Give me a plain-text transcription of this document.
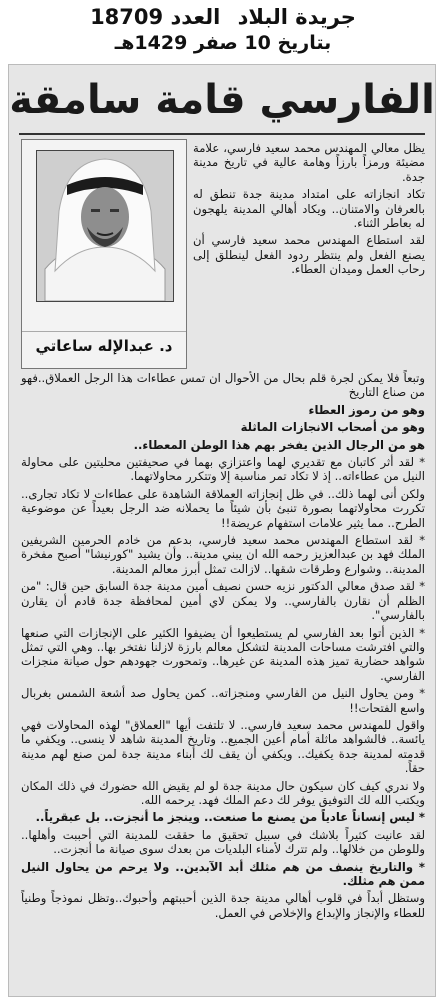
جريدة البلاد العدد 18709
بتاريخ 10 صفر 1429هـ
الفارسي قامة سامقة
د. عبدالإله ساعاتي

يظل معالي المهندس محمد سعيد فارسي، علامة مضيئة ورمزاً بارزاً وهامة عالية في تاريخ مدينة جدة.

تكاد انجازاته على امتداد مدينة جدة تنطق له بالعرفان والامتنان.. ويكاد أهالي المدينة يلهجون له بعاطر الثناء.

لقد استطاع المهندس محمد سعيد فارسي أن يصنع الفعل ولم ينتظر ردود الفعل لينطلق إلى رحاب العمل وميدان العطاء.

وتبعاً فلا يمكن لجرة قلم بحال من الأحوال ان تمس عطاءات هذا الرجل العملاق..فهو من صناع التاريخ

وهو من رموز العطاء

وهو من أصحاب الانجازات الماثلة

هو من الرجال الذين يفخر بهم هذا الوطن المعطاء..

* لقد أثر كاتبان مع تقديري لهما واعتزازي بهما في صحيفتين محليتين على محاولة النيل من عطاءاته.. إذ لا تكاد تمر مناسبة إلا وتتكرر محاولاتهما.

ولكن أنى لهما ذلك.. في ظل إنجازاته العملاقة الشاهدة على عطاءات لا تكاد تجارى.. تكررت محاولاتهما بصورة تنبئ بأن شيئاً ما يحملانه ضد الرجل بعيداً عن موضوعية الطرح.. مما يثير علامات استفهام عريضة!!

* لقد استطاع المهندس محمد سعيد فارسي، بدعم من خادم الحرمين الشريفين الملك فهد بن عبدالعزيز رحمه الله ان يبني مدينة.. وأن يشيد "كورنيشا" أصبح مفخرة المدينة.. وشوارع وطرقات شقها.. لازالت تمثل أبرز معالم المدينة.

* لقد صدق معالي الدكتور نزيه حسن نصيف أمين مدينة جدة السابق حين قال: "من الظلم أن نقارن بالفارسي.. ولا يمكن لاي أمين لمحافظة جدة قادم أن يقارن بالفارسي".

* الذين أتوا بعد الفارسي لم يستطيعوا أن يضيفوا الكثير على الإنجازات التي صنعها والتي افترشت مساحات المدينة لتشكل معالم بارزة لازلنا نفتخر بها.. وهي التي تمثل شواهد حضارية تميز هذه المدينة عن غيرها.. وتمحورت جهودهم حول صيانة منجزات الفارسي.

* ومن يحاول النيل من الفارسي ومنجزاته.. كمن يحاول صد أشعة الشمس بغربال واسع الفتحات!!

واقول للمهندس محمد سعيد فارسي.. لا تلتفت أيها "العملاق" لهذه المحاولات فهي يائسة.. فالشواهد ماثلة أمام أعين الجميع.. وتاريخ المدينة شاهد لا ينسى.. ويكفي ما قدمته لمدينة جدة يكفيك.. ويكفي أن يقف لك أبناء مدينة جدة لمن صنع لهم مدينة حقاً.

ولا ندري كيف كان سيكون حال مدينة جدة لو لم يقيض الله حضورك في ذلك المكان ويكتب الله لك التوفيق يوفر لك دعم الملك فهد. يرحمه الله.

* ليس إنساناً عادياً من يصنع ما صنعت.. وينجز ما أنجزت.. بل عبقرياً..

لقد عانيت كثيراً بلاشك في سبيل تحقيق ما حققت للمدينة التي أحببت وأهلها.. وللوطن من خلالها.. ولم تترك لأمناء البلديات من بعدك سوى صيانة ما أنجزت..

* والتاريخ ينصف من هم مثلك أبد الآبدين.. ولا يرحم من يحاول النيل ممن هم مثلك.

وستظل أبداً في قلوب أهالي مدينة جدة الذين أحببتهم وأحبوك..وتظل نموذجاً وطنياً للعطاء والإنجاز والإبداع والإخلاص في العمل.
